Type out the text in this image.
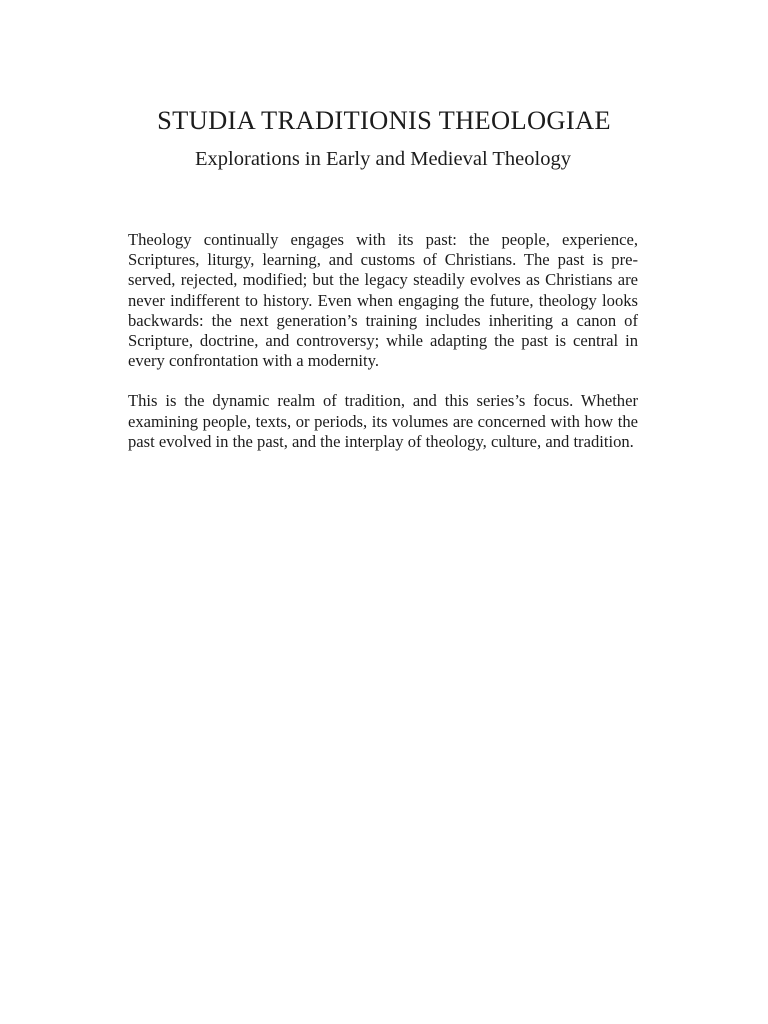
STUDIA TRADITIONIS THEOLOGIAE
Explorations in Early and Medieval Theology

Theology continually engages with its past: the people, experience, Scriptures, liturgy, learning, and customs of Christians. The past is preserved, rejected, modified; but the legacy steadily evolves as Christians are never indifferent to history. Even when engaging the future, theology looks backwards: the next generation’s training includes inheriting a canon of Scripture, doctrine, and controversy; while adapting the past is central in every confrontation with a modernity.

This is the dynamic realm of tradition, and this series’s focus. Whether examining people, texts, or periods, its volumes are concerned with how the past evolved in the past, and the interplay of theology, culture, and tradition.
